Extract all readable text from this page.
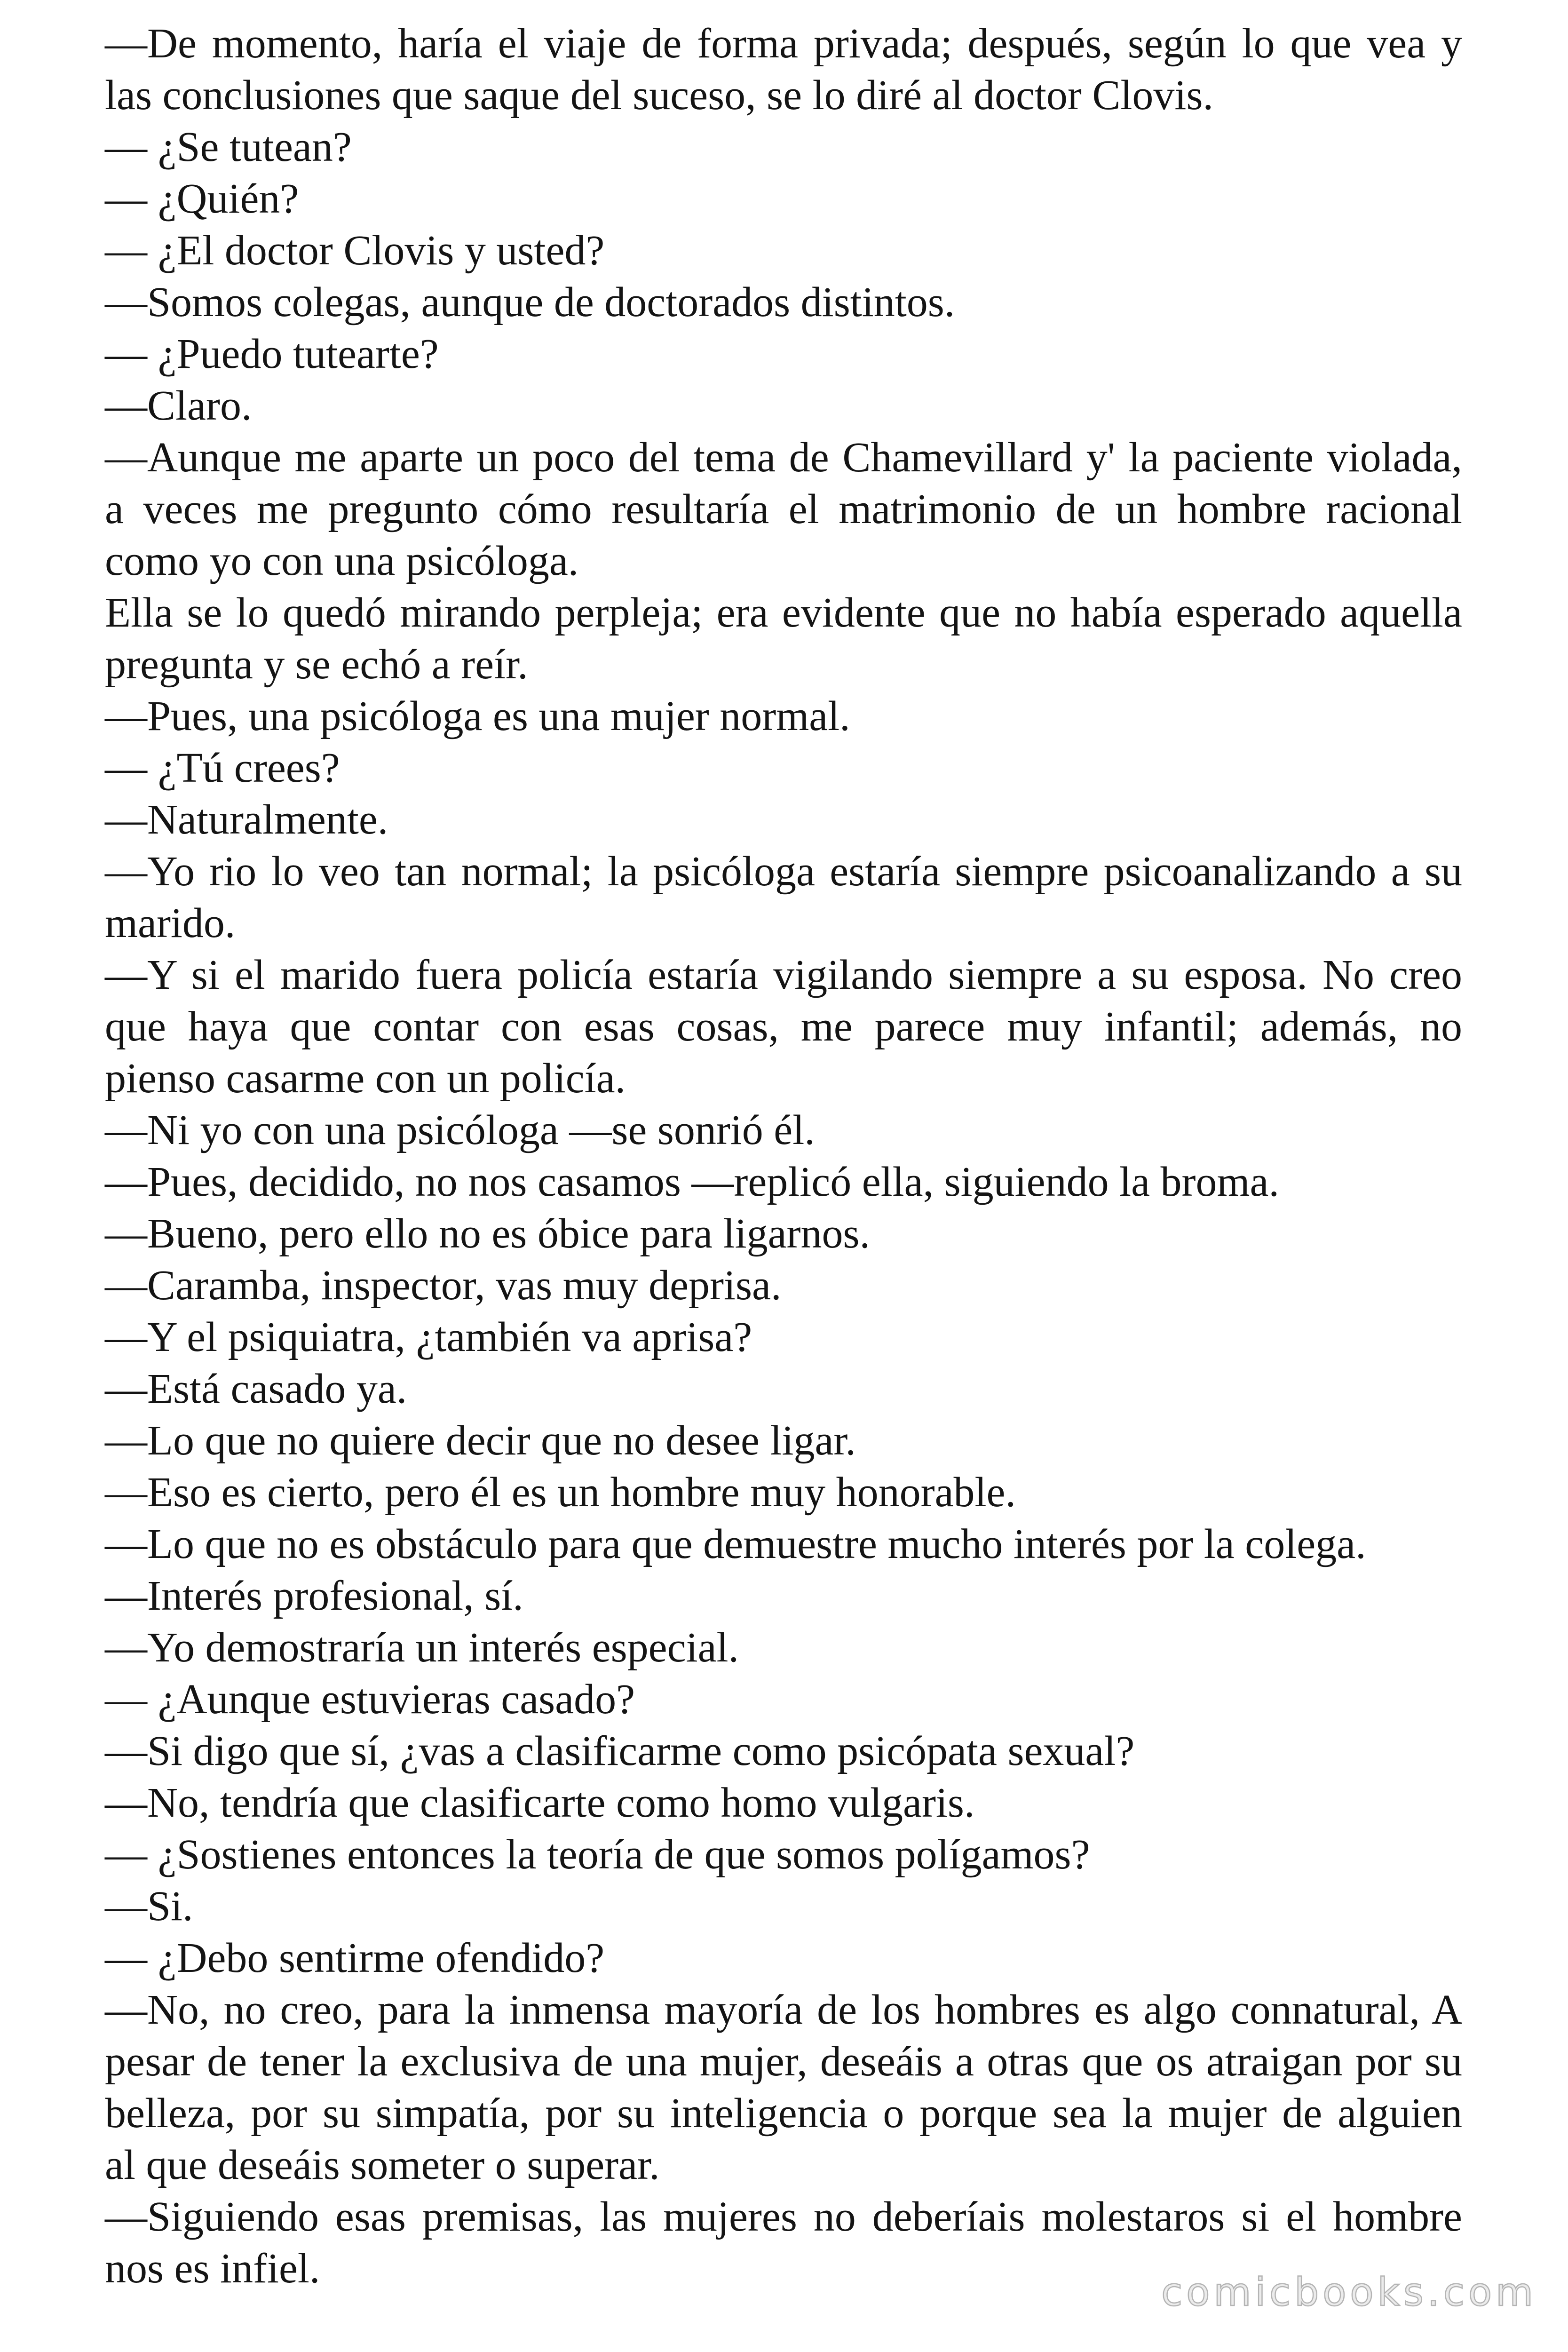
—De momento, haría el viaje de forma privada; después, según lo que vea y
las conclusiones que saque del suceso, se lo diré al doctor Clovis.

— ¿Se tutean?

— ¿Quién?

— ¿El doctor Clovis y usted?

—Somos colegas, aunque de doctorados distintos.

— ¿Puedo tutearte?

—Claro.

—Aunque me aparte un poco del tema de Chamevillard y' la paciente violada,
a veces me pregunto cómo resultaría el matrimonio de un hombre racional
como yo con una psicóloga.

Ella se lo quedó mirando perpleja; era evidente que no había esperado aquella
pregunta y se echó a reír.

—Pues, una psicóloga es una mujer normal.

— ¿Tú crees?

—Naturalmente.

—Yo rio lo veo tan normal; la psicóloga estaría siempre psicoanalizando a su
marido.

—Y si el marido fuera policía estaría vigilando siempre a su esposa. No creo
que haya que contar con esas cosas, me parece muy infantil; además, no
pienso casarme con un policía.

—Ni yo con una psicóloga —se sonrió él.

—Pues, decidido, no nos casamos —replicó ella, siguiendo la broma.

—Bueno, pero ello no es óbice para ligarnos.

—Caramba, inspector, vas muy deprisa.

—Y el psiquiatra, ¿también va aprisa?

—Está casado ya.

—Lo que no quiere decir que no desee ligar.

—Eso es cierto, pero él es un hombre muy honorable.

—Lo que no es obstáculo para que demuestre mucho interés por la colega.

—Interés profesional, sí.

—Yo demostraría un interés especial.

— ¿Aunque estuvieras casado?

—Si digo que sí, ¿vas a clasificarme como psicópata sexual?

—No, tendría que clasificarte como homo vulgaris.

— ¿Sostienes entonces la teoría de que somos polígamos?

—Si.

— ¿Debo sentirme ofendido?

—No, no creo, para la inmensa mayoría de los hombres es algo connatural, A
pesar de tener la exclusiva de una mujer, deseáis a otras que os atraigan por su
belleza, por su simpatía, por su inteligencia o porque sea la mujer de alguien
al que deseáis someter o superar.

—Siguiendo esas premisas, las mujeres no deberíais molestaros si el hombre
nos es infiel.

comicbooks.com
